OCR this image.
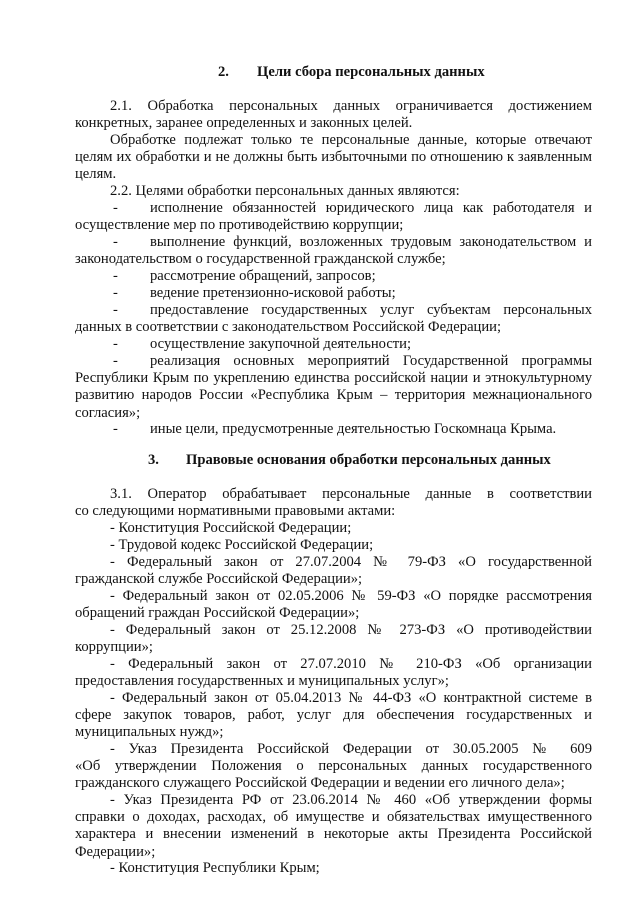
2. Цели сбора персональных данных
2.1. Обработка персональных данных ограничивается достижением
конкретных, заранее определенных и законных целей.
Обработке подлежат только те персональные данные, которые отвечают
целям их обработки и не должны быть избыточными по отношению к заявленным
целям.
2.2. Целями обработки персональных данных являются:
- исполнение обязанностей юридического лица как работодателя и
осуществление мер по противодействию коррупции;
- выполнение функций, возложенных трудовым законодательством и
законодательством о государственной гражданской службе;
- рассмотрение обращений, запросов;
- ведение претензионно-исковой работы;
- предоставление государственных услуг субъектам персональных
данных в соответствии с законодательством Российской Федерации;
- осуществление закупочной деятельности;
- реализация основных мероприятий Государственной программы
Республики Крым по укреплению единства российской нации и этнокультурному развитию народов России «Республика Крым – территория межнационального согласия»;
- иные цели, предусмотренные деятельностью Госкомнаца Крыма.
3. Правовые основания обработки персональных данных
3.1. Оператор обрабатывает персональные данные в соответствии
со следующими нормативными правовыми актами:
- Конституция Российской Федерации;
- Трудовой кодекс Российской Федерации;
- Федеральный закон от 27.07.2004 № 79-ФЗ «О государственной
гражданской службе Российской Федерации»;
- Федеральный закон от 02.05.2006 № 59-ФЗ «О порядке рассмотрения
обращений граждан Российской Федерации»;
- Федеральный закон от 25.12.2008 № 273-ФЗ «О противодействии
коррупции»;
- Федеральный закон от 27.07.2010 № 210-ФЗ «Об организации
предоставления государственных и муниципальных услуг»;
- Федеральный закон от 05.04.2013 № 44-ФЗ «О контрактной системе в
сфере закупок товаров, работ, услуг для обеспечения государственных и муниципальных нужд»;
- Указ Президента Российской Федерации от 30.05.2005 № 609
«Об утверждении Положения о персональных данных государственного гражданского служащего Российской Федерации и ведении его личного дела»;
- Указ Президента РФ от 23.06.2014 № 460 «Об утверждении формы
справки о доходах, расходах, об имуществе и обязательствах имущественного характера и внесении изменений в некоторые акты Президента Российской Федерации»;
- Конституция Республики Крым;
